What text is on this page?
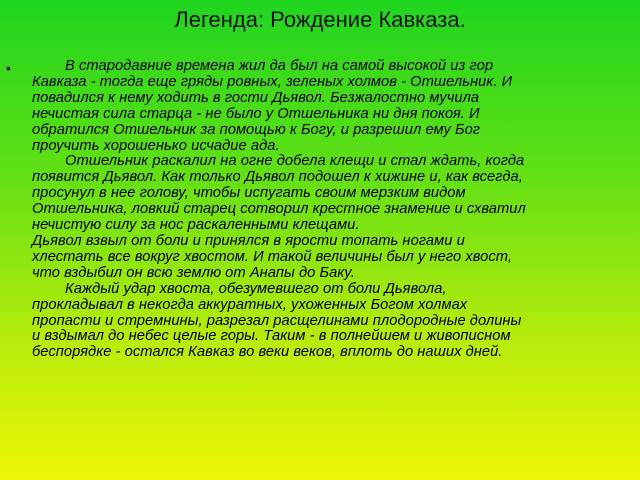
Легенда: Рождение Кавказа.
• В стародавние времена жил да был на самой высокой из гор
Кавказа - тогда еще гряды ровных, зеленых холмов - Отшельник. И
повадился к нему ходить в гости Дьявол. Безжалостно мучила
нечистая сила старца - не было у Отшельника ни дня покоя. И
обратился Отшельник за помощью к Богу, и разрешил ему Бог
проучить хорошенько исчадие ада.
Отшельник раскалил на огне добела клещи и стал ждать, когда
появится Дьявол. Как только Дьявол подошел к хижине и, как всегда,
просунул в нее голову, чтобы испугать своим мерзким видом
Отшельника, ловкий старец сотворил крестное знамение и схватил
нечистую силу за нос раскаленными клещами.
Дьявол взвыл от боли и принялся в ярости топать ногами и
хлестать все вокруг хвостом. И такой величины был у него хвост,
что вздыбил он всю землю от Анапы до Баку.
Каждый удар хвоста, обезумевшего от боли Дьявола,
прокладывал в некогда аккуратных, ухоженных Богом холмах
пропасти и стремнины, разрезал расщелинами плодородные долины
и вздымал до небес целые горы. Таким - в полнейшем и живописном
беспорядке - остался Кавказ во веки веков, вплоть до наших дней.
